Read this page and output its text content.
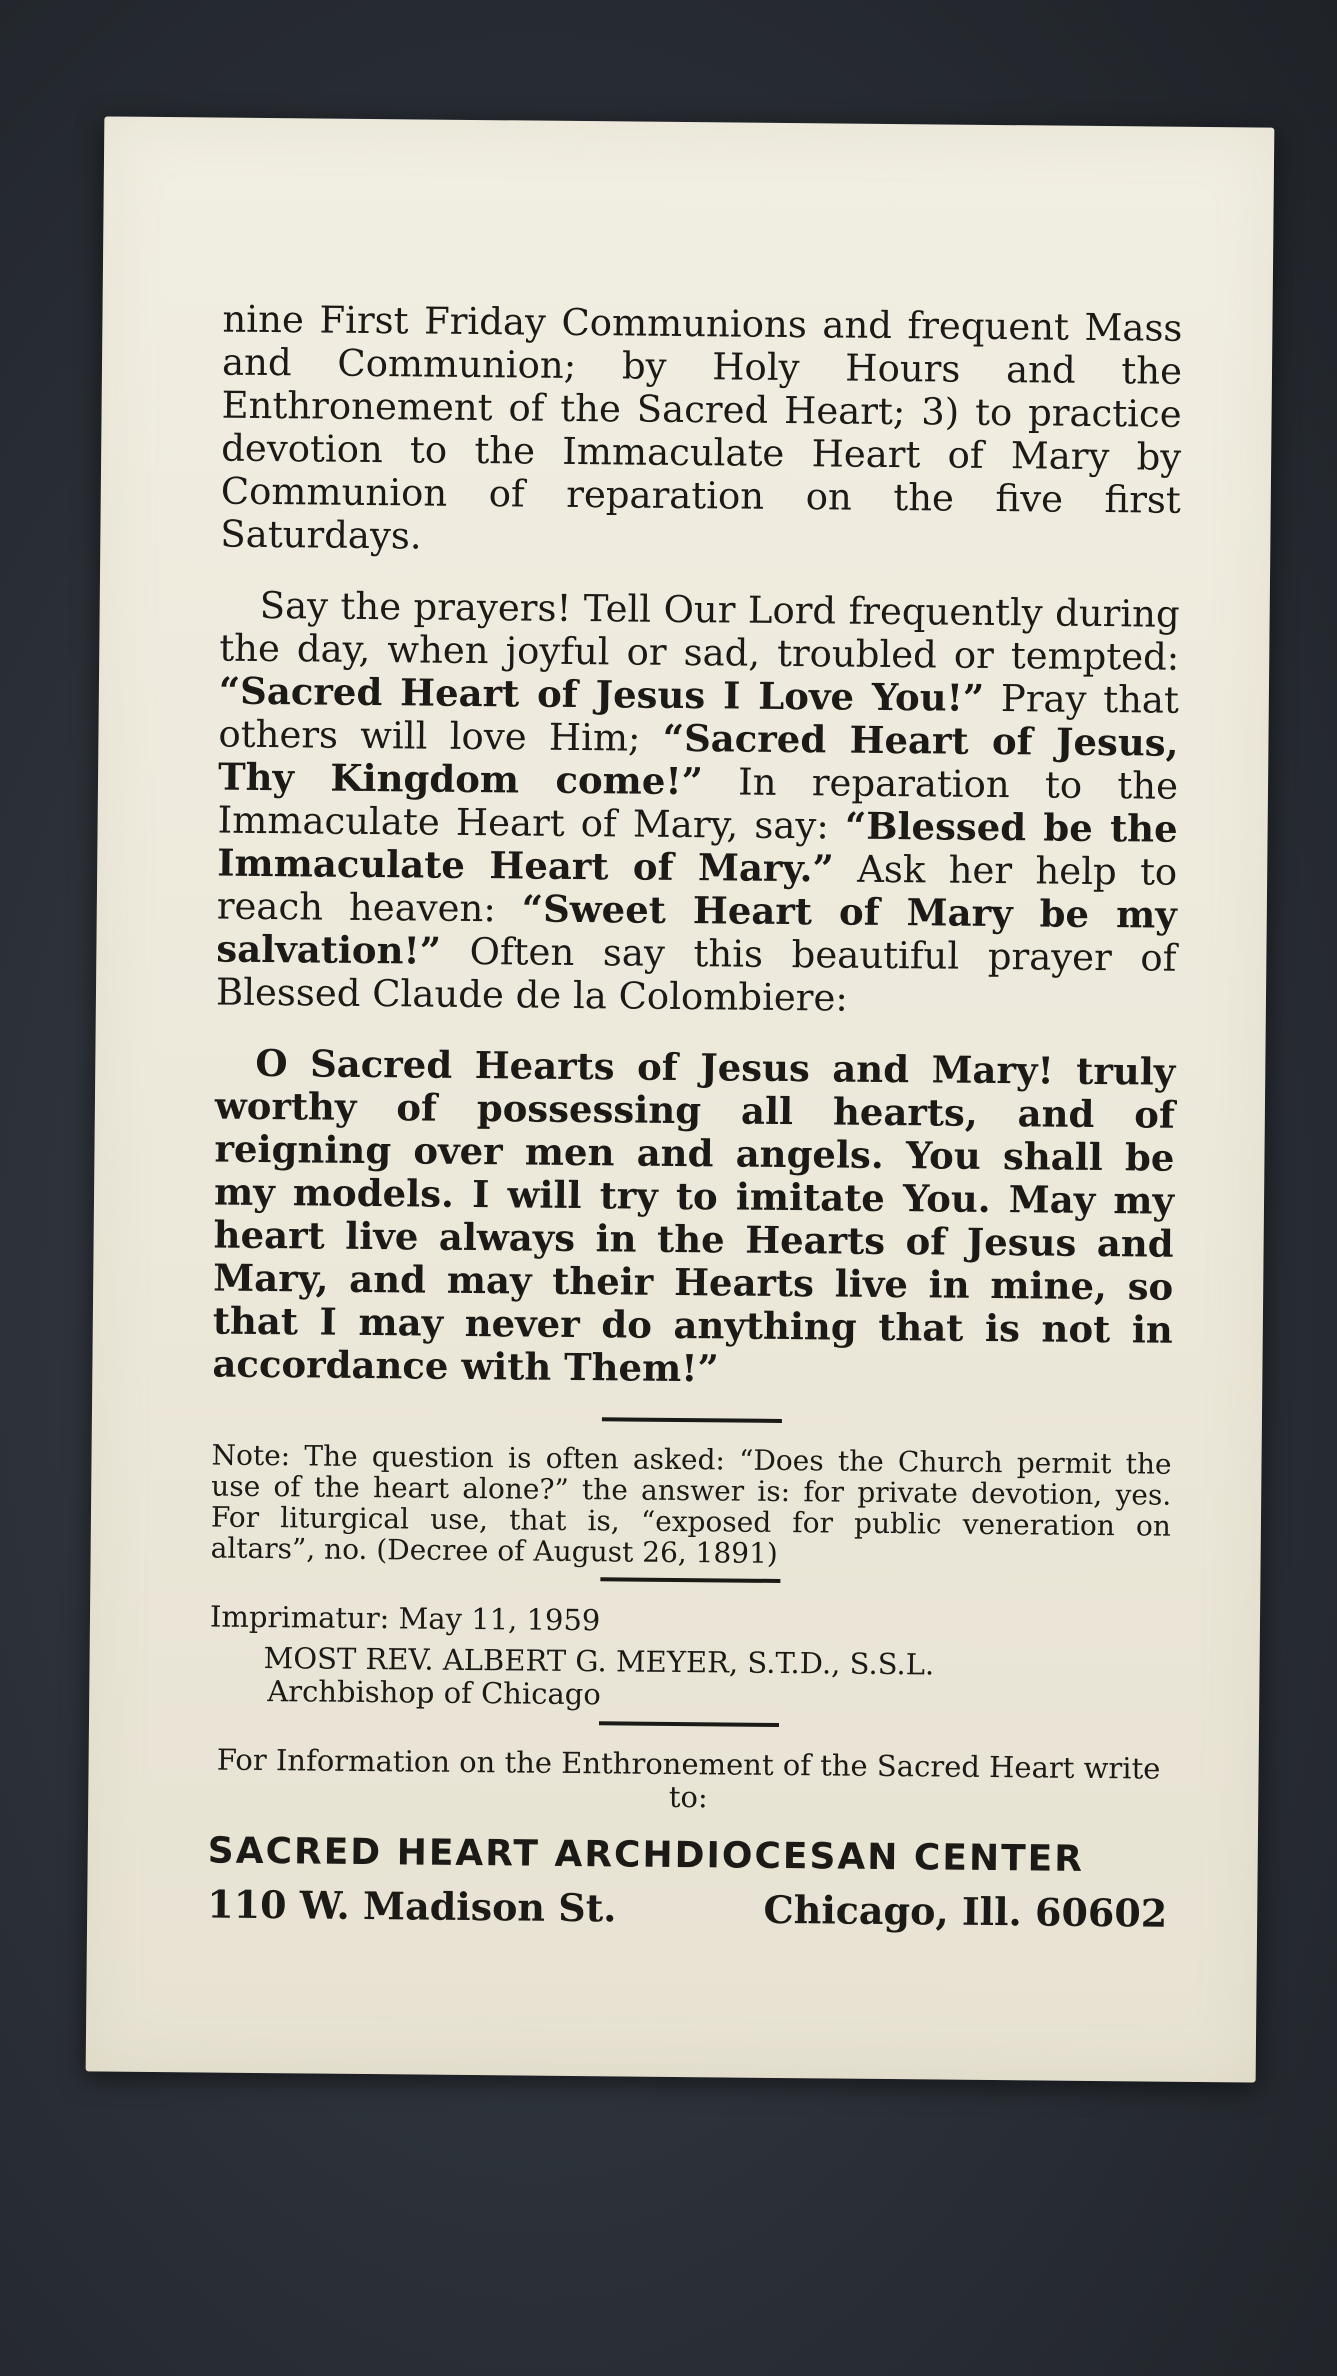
nine First Friday Communions and frequent Mass and Communion; by Holy Hours and the Enthronement of the Sacred Heart; 3) to practice devotion to the Immaculate Heart of Mary by Communion of reparation on the five first Saturdays.

Say the prayers! Tell Our Lord frequently during the day, when joyful or sad, troubled or tempted: “Sacred Heart of Jesus I Love You!” Pray that others will love Him; “Sacred Heart of Jesus, Thy Kingdom come!” In reparation to the Immaculate Heart of Mary, say: “Blessed be the Immaculate Heart of Mary.” Ask her help to reach heaven: “Sweet Heart of Mary be my salvation!” Often say this beautiful prayer of Blessed Claude de la Colombiere:

O Sacred Hearts of Jesus and Mary! truly worthy of possessing all hearts, and of reigning over men and angels. You shall be my models. I will try to imitate You. May my heart live always in the Hearts of Jesus and Mary, and may their Hearts live in mine, so that I may never do anything that is not in accordance with Them!”

Note: The question is often asked: “Does the Church permit the use of the heart alone?” the answer is: for private devotion, yes. For liturgical use, that is, “exposed for public veneration on altars”, no. (Decree of August 26, 1891)

Imprimatur: May 11, 1959

MOST REV. ALBERT G. MEYER, S.T.D., S.S.L.
Archbishop of Chicago

For Information on the Enthronement of the Sacred Heart write to:

SACRED HEART ARCHDIOCESAN CENTER

110 W. Madison St.	Chicago, Ill. 60602
